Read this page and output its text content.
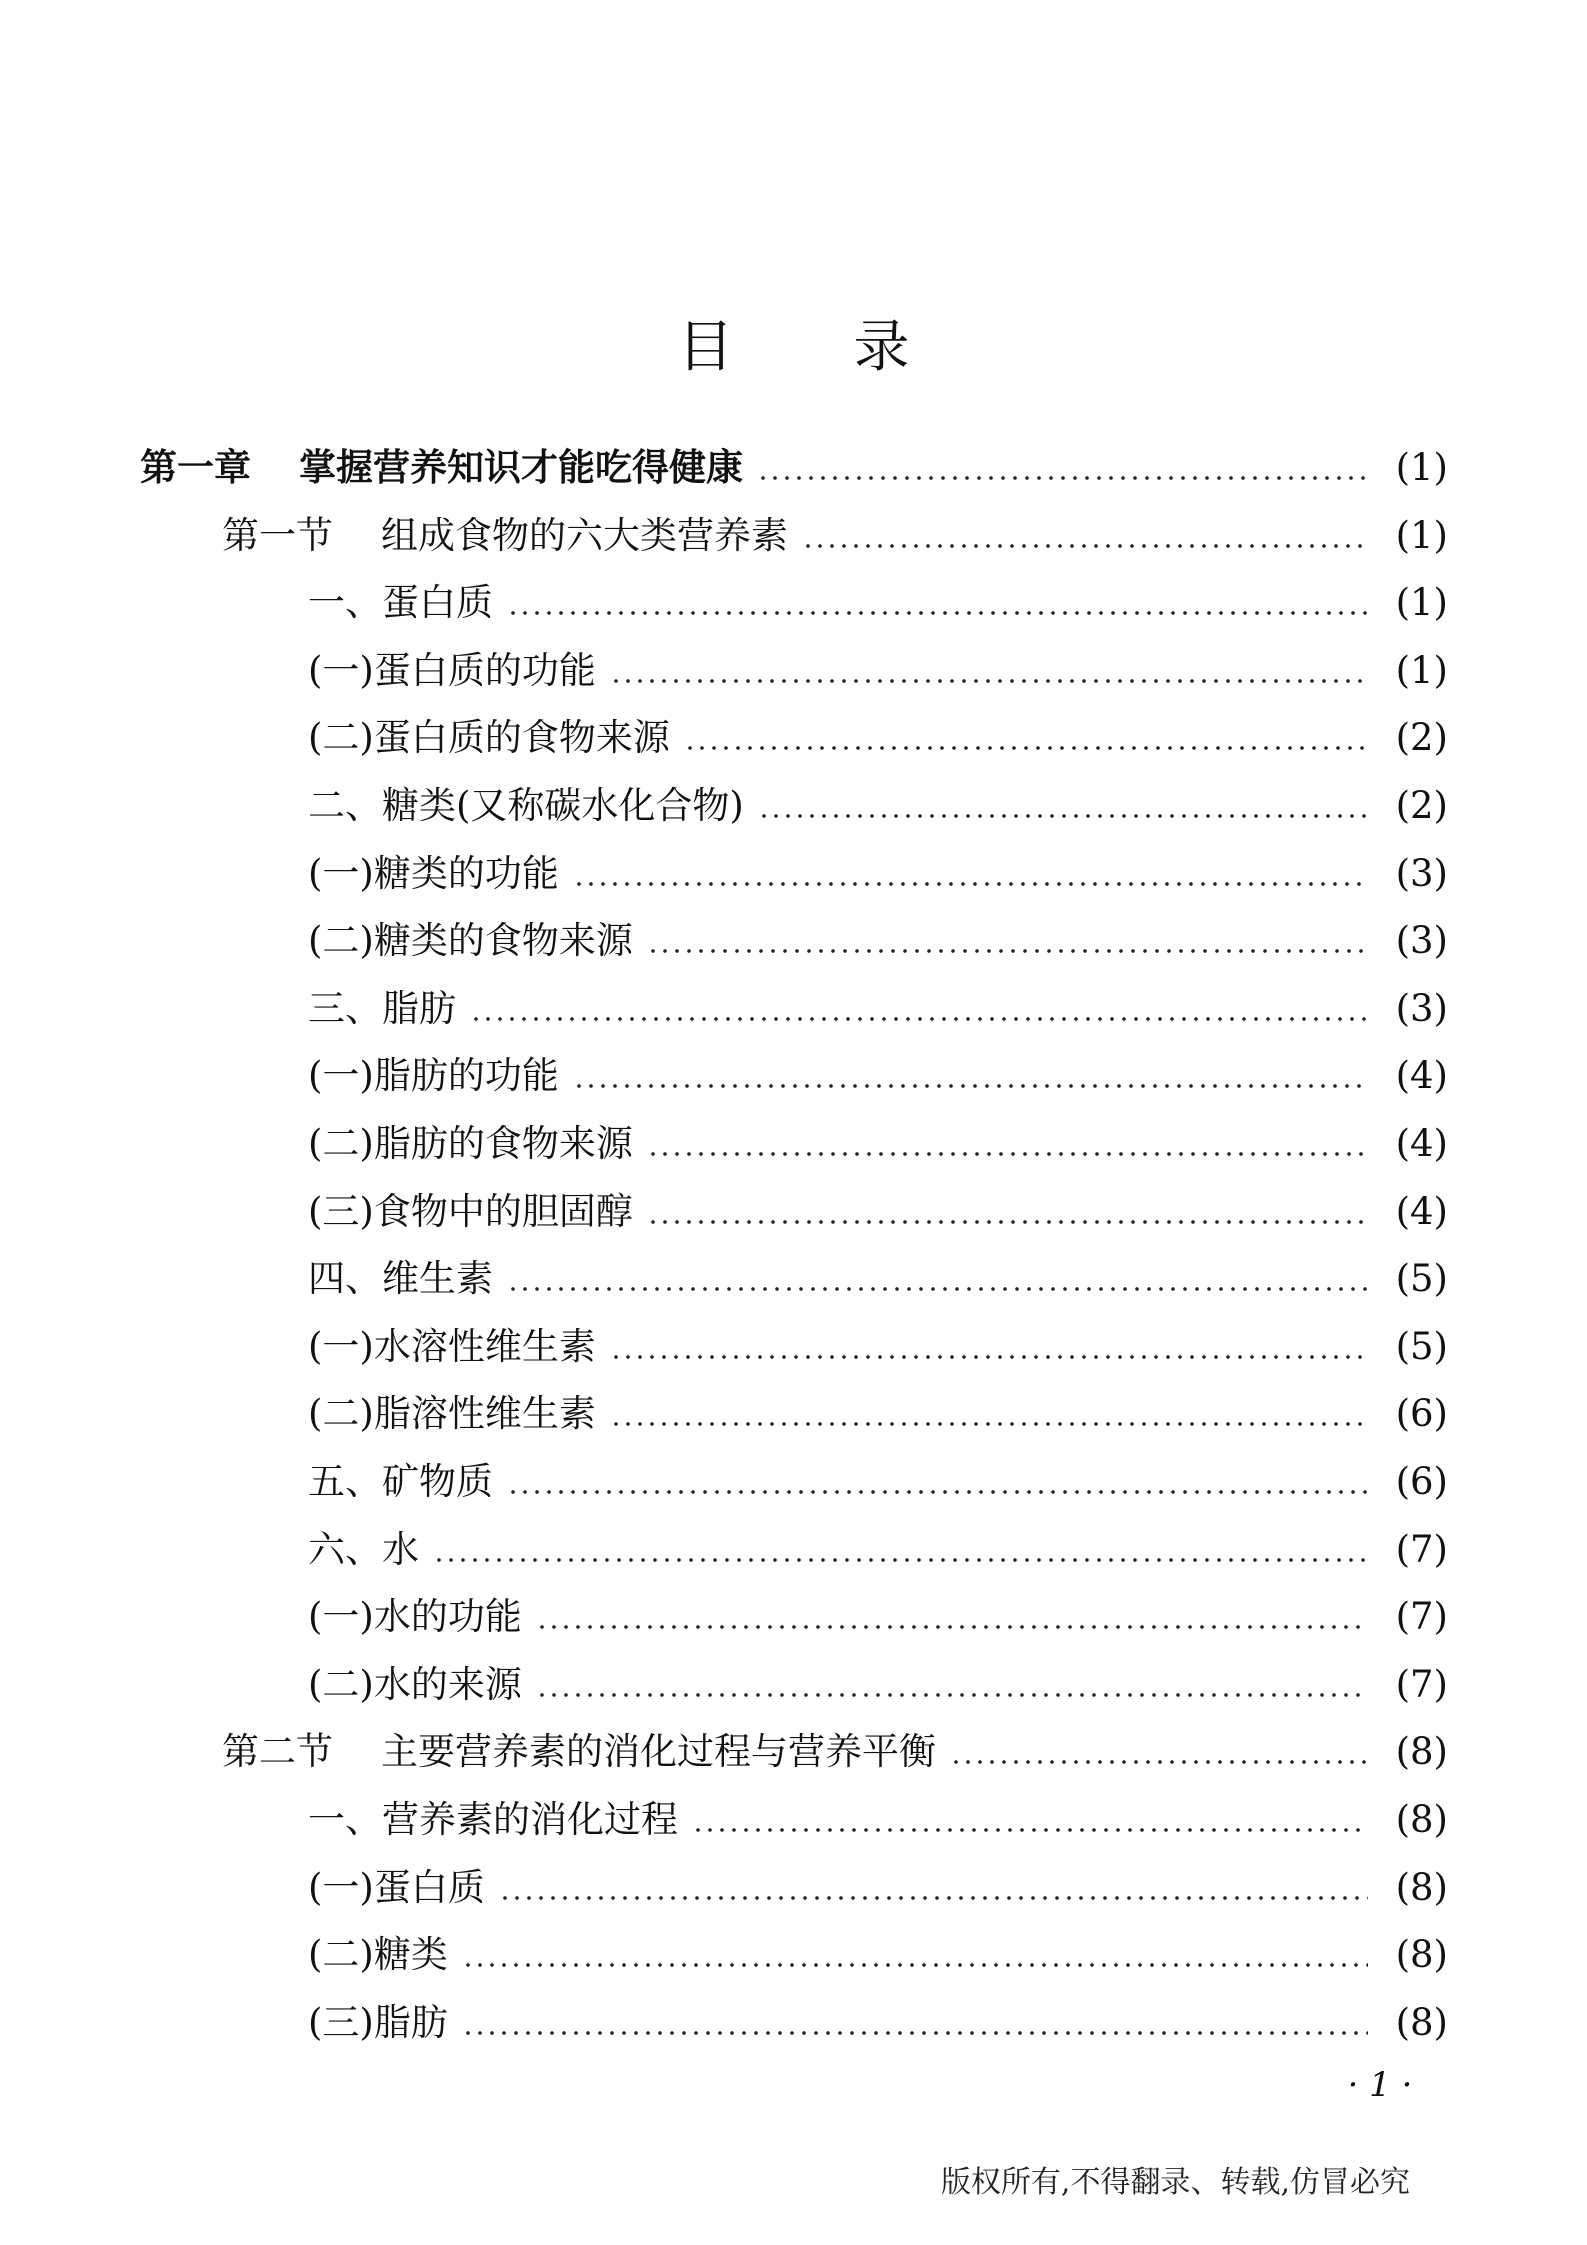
目 录
第一章 掌握营养知识才能吃得健康	(1)
第一节 组成食物的六大类营养素	(1)
一、蛋白质	(1)
(一)蛋白质的功能	(1)
(二)蛋白质的食物来源	(2)
二、糖类(又称碳水化合物)	(2)
(一)糖类的功能	(3)
(二)糖类的食物来源	(3)
三、脂肪	(3)
(一)脂肪的功能	(4)
(二)脂肪的食物来源	(4)
(三)食物中的胆固醇	(4)
四、维生素	(5)
(一)水溶性维生素	(5)
(二)脂溶性维生素	(6)
五、矿物质	(6)
六、水	(7)
(一)水的功能	(7)
(二)水的来源	(7)
第二节 主要营养素的消化过程与营养平衡	(8)
一、营养素的消化过程	(8)
(一)蛋白质	(8)
(二)糖类	(8)
(三)脂肪	(8)
· 1 ·
版权所有,不得翻录、转载,仿冒必究
